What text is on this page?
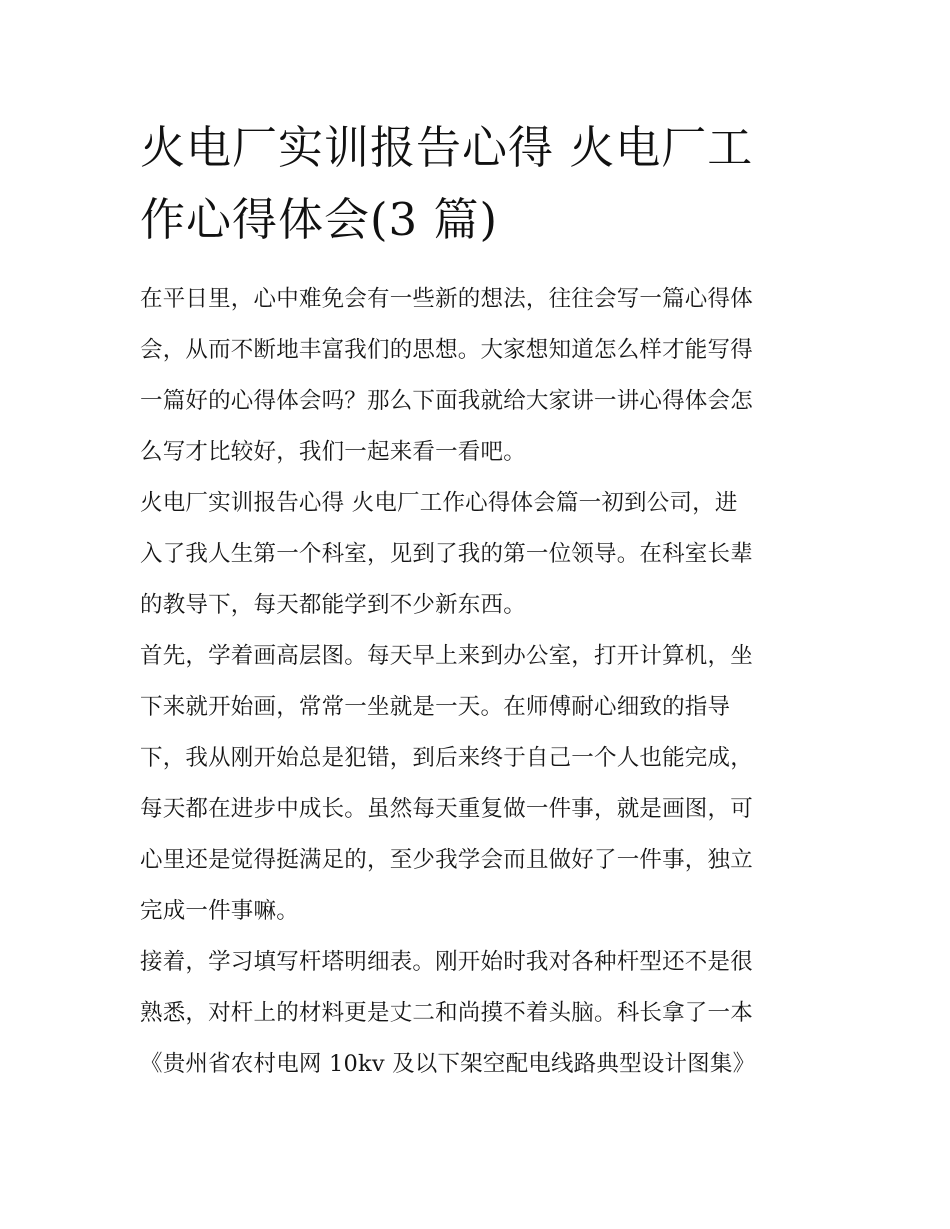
火电厂实训报告心得 火电厂工
作心得体会(3 篇)

在平日里，心中难免会有一些新的想法，往往会写一篇心得体
会，从而不断地丰富我们的思想。大家想知道怎么样才能写得
一篇好的心得体会吗？那么下面我就给大家讲一讲心得体会怎
么写才比较好，我们一起来看一看吧。

火电厂实训报告心得 火电厂工作心得体会篇一初到公司，进
入了我人生第一个科室，见到了我的第一位领导。在科室长辈
的教导下，每天都能学到不少新东西。

首先，学着画高层图。每天早上来到办公室，打开计算机，坐
下来就开始画，常常一坐就是一天。在师傅耐心细致的指导
下，我从刚开始总是犯错，到后来终于自己一个人也能完成，
每天都在进步中成长。虽然每天重复做一件事，就是画图，可
心里还是觉得挺满足的，至少我学会而且做好了一件事，独立
完成一件事嘛。

接着，学习填写杆塔明细表。刚开始时我对各种杆型还不是很
熟悉，对杆上的材料更是丈二和尚摸不着头脑。科长拿了一本
《贵州省农村电网 10kv 及以下架空配电线路典型设计图集》
